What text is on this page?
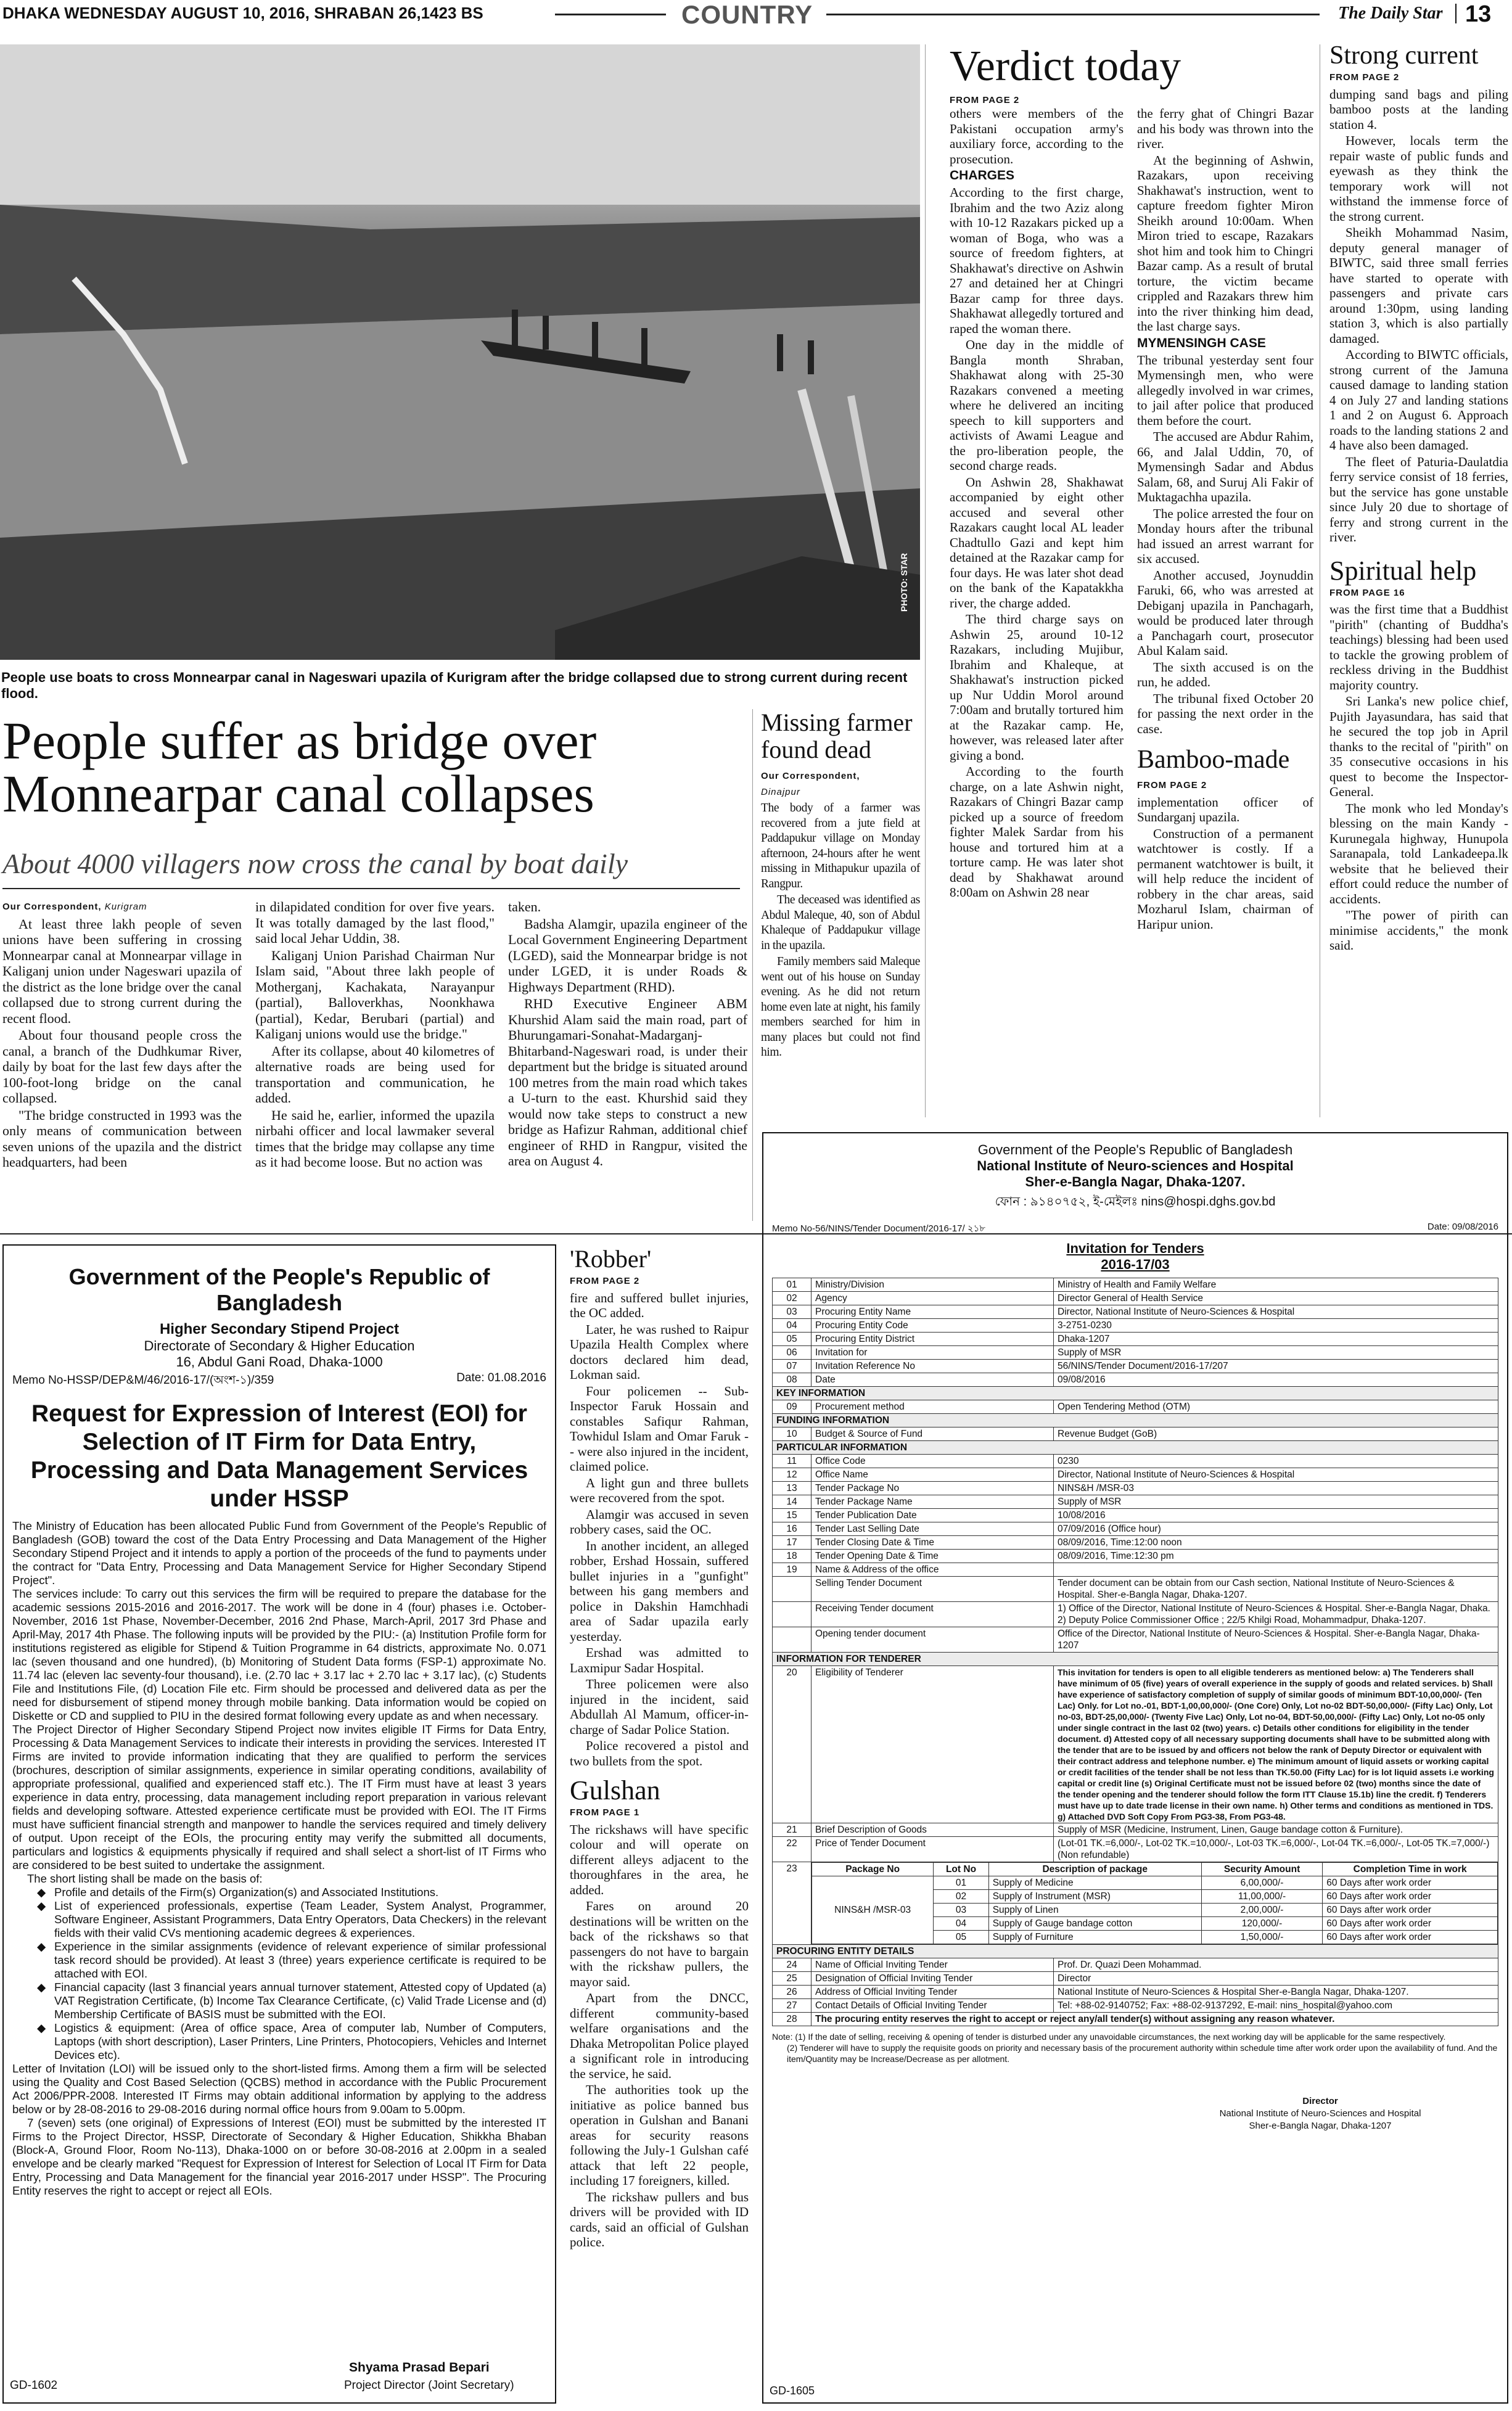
DHAKA WEDNESDAY AUGUST 10, 2016, SHRABAN 26,1423 BS	COUNTRY	The Daily Star 13
PHOTO: STAR
People use boats to cross Monnearpar canal in Nageswari upazila of Kurigram after the bridge collapsed due to strong current during recent flood.
People suffer as bridge over Monnearpar canal collapses
About 4000 villagers now cross the canal by boat daily
Our Correspondent, Kurigram

At least three lakh people of seven unions have been suffering in crossing Monnearpar canal at Monnearpar village in Kaliganj union under Nageswari upazila of the district as the lone bridge over the canal collapsed due to strong current during the recent flood.

About four thousand people cross the canal, a branch of the Dudhkumar River, daily by boat for the last few days after the 100-foot-long bridge on the canal collapsed.

"The bridge constructed in 1993 was the only means of communication between seven unions of the upazila and the district headquarters, had been

in dilapidated condition for over five years. It was totally damaged by the last flood," said local Jehar Uddin, 38.

Kaliganj Union Parishad Chairman Nur Islam said, "About three lakh people of Motherganj, Kachakata, Narayanpur (partial), Balloverkhas, Noonkhawa (partial), Kedar, Berubari (partial) and Kaliganj unions would use the bridge."

After its collapse, about 40 kilometres of alternative roads are being used for transportation and communication, he added.

He said he, earlier, informed the upazila nirbahi officer and local lawmaker several times that the bridge may collapse any time as it had become loose. But no action was

taken.

Badsha Alamgir, upazila engineer of the Local Government Engineering Department (LGED), said the Monnearpar bridge is not under LGED, it is under Roads & Highways Department (RHD).

RHD Executive Engineer ABM Khurshid Alam said the main road, part of Bhurungamari-Sonahat-Madarganj-Bhitarband-Nageswari road, is under their department but the bridge is situated around 100 metres from the main road which takes a U-turn to the east. Khurshid said they would now take steps to construct a new bridge as Hafizur Rahman, additional chief engineer of RHD in Rangpur, visited the area on August 4.

Missing farmer found dead
Our Correspondent,
Dinajpur

The body of a farmer was recovered from a jute field at Paddapukur village on Monday afternoon, 24-hours after he went missing in Mithapukur upazila of Rangpur.

The deceased was identified as Abdul Maleque, 40, son of Abdul Khaleque of Paddapukur village in the upazila.

Family members said Maleque went out of his house on Sunday evening. As he did not return home even late at night, his family members searched for him in many places but could not find him.

Verdict today
FROM PAGE 2

others were members of the Pakistani occupation army's auxiliary force, according to the prosecution.

CHARGES

According to the first charge, Ibrahim and the two Aziz along with 10-12 Razakars picked up a woman of Boga, who was a source of freedom fighters, at Shakhawat's directive on Ashwin 27 and detained her at Chingri Bazar camp for three days. Shakhawat allegedly tortured and raped the woman there.

One day in the middle of Bangla month Shraban, Shakhawat along with 25-30 Razakars convened a meeting where he delivered an inciting speech to kill supporters and activists of Awami League and the pro-liberation people, the second charge reads.

On Ashwin 28, Shakhawat accompanied by eight other accused and several other Razakars caught local AL leader Chadtullo Gazi and kept him detained at the Razakar camp for four days. He was later shot dead on the bank of the Kapatakkha river, the charge added.

The third charge says on Ashwin 25, around 10-12 Razakars, including Mujibur, Ibrahim and Khaleque, at Shakhawat's instruction picked up Nur Uddin Morol around 7:00am and brutally tortured him at the Razakar camp. He, however, was released later after giving a bond.

According to the fourth charge, on a late Ashwin night, Razakars of Chingri Bazar camp picked up a source of freedom fighter Malek Sardar from his house and tortured him at a torture camp. He was later shot dead by Shakhawat around 8:00am on Ashwin 28 near

the ferry ghat of Chingri Bazar and his body was thrown into the river.

At the beginning of Ashwin, Razakars, upon receiving Shakhawat's instruction, went to capture freedom fighter Miron Sheikh around 10:00am. When Miron tried to escape, Razakars shot him and took him to Chingri Bazar camp. As a result of brutal torture, the victim became crippled and Razakars threw him into the river thinking him dead, the last charge says.

MYMENSINGH CASE

The tribunal yesterday sent four Mymensingh men, who were allegedly involved in war crimes, to jail after police that produced them before the court.

The accused are Abdur Rahim, 66, and Jalal Uddin, 70, of Mymensingh Sadar and Abdus Salam, 68, and Suruj Ali Fakir of Muktagachha upazila.

The police arrested the four on Monday hours after the tribunal had issued an arrest warrant for six accused.

Another accused, Joynuddin Faruki, 66, who was arrested at Debiganj upazila in Panchagarh, would be produced later through a Panchagarh court, prosecutor Abul Kalam said.

The sixth accused is on the run, he added.

The tribunal fixed October 20 for passing the next order in the case.

Bamboo-made
FROM PAGE 2

implementation officer of Sundarganj upazila.

Construction of a permanent watchtower is costly. If a permanent watchtower is built, it will help reduce the incident of robbery in the char areas, said Mozharul Islam, chairman of Haripur union.

Strong current
FROM PAGE 2

dumping sand bags and piling bamboo posts at the landing station 4.

However, locals term the repair waste of public funds and eyewash as they think the temporary work will not withstand the immense force of the strong current.

Sheikh Mohammad Nasim, deputy general manager of BIWTC, said three small ferries have started to operate with passengers and private cars around 1:30pm, using landing station 3, which is also partially damaged.

According to BIWTC officials, strong current of the Jamuna caused damage to landing station 4 on July 27 and landing stations 1 and 2 on August 6. Approach roads to the landing stations 2 and 4 have also been damaged.

The fleet of Paturia-Daulatdia ferry service consist of 18 ferries, but the service has gone unstable since July 20 due to shortage of ferry and strong current in the river.

Spiritual help
FROM PAGE 16

was the first time that a Buddhist "pirith" (chanting of Buddha's teachings) blessing had been used to tackle the growing problem of reckless driving in the Buddhist majority country.

Sri Lanka's new police chief, Pujith Jayasundara, has said that he secured the top job in April thanks to the recital of "pirith" on 35 consecutive occasions in his quest to become the Inspector-General.

The monk who led Monday's blessing on the main Kandy - Kurunegala highway, Hunupola Saranapala, told Lankadeepa.lk website that he believed their effort could reduce the number of accidents.

"The power of pirith can minimise accidents," the monk said.

Government of the People's Republic of Bangladesh
Higher Secondary Stipend Project
Directorate of Secondary & Higher Education
16, Abdul Gani Road, Dhaka-1000
Memo No-HSSP/DEP&M/46/2016-17/(অংশ-১)/359	Date: 01.08.2016
Request for Expression of Interest (EOI) for Selection of IT Firm for Data Entry, Processing and Data Management Services under HSSP
The Ministry of Education has been allocated Public Fund from Government of the People's Republic of Bangladesh (GOB) toward the cost of the Data Entry Processing and Data Management of the Higher Secondary Stipend Project and it intends to apply a portion of the proceeds of the fund to payments under the contract for "Data Entry, Processing and Data Management Service for Higher Secondary Stipend Project".
The services include: To carry out this services the firm will be required to prepare the database for the academic sessions 2015-2016 and 2016-2017. The work will be done in 4 (four) phases i.e. October-November, 2016 1st Phase, November-December, 2016 2nd Phase, March-April, 2017 3rd Phase and April-May, 2017 4th Phase. The following inputs will be provided by the PIU:- (a) Institution Profile form for institutions registered as eligible for Stipend & Tuition Programme in 64 districts, approximate No. 0.071 lac (seven thousand and one hundred), (b) Monitoring of Student Data forms (FSP-1) approximate No. 11.74 lac (eleven lac seventy-four thousand), i.e. (2.70 lac + 3.17 lac + 2.70 lac + 3.17 lac), (c) Students File and Institutions File, (d) Location File etc. Firm should be processed and delivered data as per the need for disbursement of stipend money through mobile banking. Data information would be copied on Diskette or CD and supplied to PIU in the desired format following every update as and when necessary.
The Project Director of Higher Secondary Stipend Project now invites eligible IT Firms for Data Entry, Processing & Data Management Services to indicate their interests in providing the services. Interested IT Firms are invited to provide information indicating that they are qualified to perform the services (brochures, description of similar assignments, experience in similar operating conditions, availability of appropriate professional, qualified and experienced staff etc.). The IT Firm must have at least 3 years experience in data entry, processing, data management including report preparation in various relevant fields and developing software. Attested experience certificate must be provided with EOI. The IT Firms must have sufficient financial strength and manpower to handle the services required and timely delivery of output. Upon receipt of the EOIs, the procuring entity may verify the submitted all documents, particulars and logistics & equipments physically if required and shall select a short-list of IT Firms who are considered to be best suited to undertake the assignment.
The short listing shall be made on the basis of:
◆ Profile and details of the Firm(s) Organization(s) and Associated Institutions.
◆ List of experienced professionals, expertise (Team Leader, System Analyst, Programmer, Software Engineer, Assistant Programmers, Data Entry Operators, Data Checkers) in the relevant fields with their valid CVs mentioning academic degrees & experiences.
◆ Experience in the similar assignments (evidence of relevant experience of similar professional task record should be provided). At least 3 (three) years experience certificate is required to be attached with EOI.
◆ Financial capacity (last 3 financial years annual turnover statement, Attested copy of Updated (a) VAT Registration Certificate, (b) Income Tax Clearance Certificate, (c) Valid Trade License and (d) Membership Certificate of BASIS must be submitted with the EOI.
◆ Logistics & equipment: (Area of office space, Area of computer lab, Number of Computers, Laptops (with short description), Laser Printers, Line Printers, Photocopiers, Vehicles and Internet Devices etc).
Letter of Invitation (LOI) will be issued only to the short-listed firms. Among them a firm will be selected using the Quality and Cost Based Selection (QCBS) method in accordance with the Public Procurement Act 2006/PPR-2008. Interested IT Firms may obtain additional information by applying to the address below or by 28-08-2016 to 29-08-2016 during normal office hours from 9.00am to 5.00pm.
7 (seven) sets (one original) of Expressions of Interest (EOI) must be submitted by the interested IT Firms to the Project Director, HSSP, Directorate of Secondary & Higher Education, Shikkha Bhaban (Block-A, Ground Floor, Room No-113), Dhaka-1000 on or before 30-08-2016 at 2.00pm in a sealed envelope and be clearly marked "Request for Expression of Interest for Selection of Local IT Firm for Data Entry, Processing and Data Management for the financial year 2016-2017 under HSSP". The Procuring Entity reserves the right to accept or reject all EOIs.
Shyama Prasad Bepari
GD-1602	Project Director (Joint Secretary)
'Robber'
FROM PAGE 2

fire and suffered bullet injuries, the OC added.

Later, he was rushed to Raipur Upazila Health Complex where doctors declared him dead, Lokman said.

Four policemen -- Sub-Inspector Faruk Hossain and constables Safiqur Rahman, Towhidul Islam and Omar Faruk -- were also injured in the incident, claimed police.

A light gun and three bullets were recovered from the spot.

Alamgir was accused in seven robbery cases, said the OC.

In another incident, an alleged robber, Ershad Hossain, suffered bullet injuries in a "gunfight" between his gang members and police in Dakshin Hamchhadi area of Sadar upazila early yesterday.

Ershad was admitted to Laxmipur Sadar Hospital.

Three policemen were also injured in the incident, said Abdullah Al Mamum, officer-in-charge of Sadar Police Station.

Police recovered a pistol and two bullets from the spot.

Gulshan
FROM PAGE 1

The rickshaws will have specific colour and will operate on different alleys adjacent to the thoroughfares in the area, he added.

Fares on around 20 destinations will be written on the back of the rickshaws so that passengers do not have to bargain with the rickshaw pullers, the mayor said.

Apart from the DNCC, different community-based welfare organisations and the Dhaka Metropolitan Police played a significant role in introducing the service, he said.

The authorities took up the initiative as police banned bus operation in Gulshan and Banani areas for security reasons following the July-1 Gulshan café attack that left 22 people, including 17 foreigners, killed.

The rickshaw pullers and bus drivers will be provided with ID cards, said an official of Gulshan police.

Government of the People's Republic of Bangladesh
National Institute of Neuro-sciences and Hospital
Sher-e-Bangla Nagar, Dhaka-1207.
ফোন : ৯১৪০৭৫২, ই-মেইলঃ nins@hospi.dghs.gov.bd
Memo No-56/NINS/Tender Document/2016-17/ ২১৮	Date: 09/08/2016
Invitation for Tenders
2016-17/03
01	Ministry/Division	Ministry of Health and Family Welfare
02	Agency	Director General of Health Service
03	Procuring Entity Name	Director, National Institute of Neuro-Sciences & Hospital
04	Procuring Entity Code	3-2751-0230
05	Procuring Entity District	Dhaka-1207
06	Invitation for	Supply of MSR
07	Invitation Reference No	56/NINS/Tender Document/2016-17/207
08	Date	09/08/2016
KEY INFORMATION
09	Procurement method	Open Tendering Method (OTM)
FUNDING INFORMATION
10	Budget & Source of Fund	Revenue Budget (GoB)
PARTICULAR INFORMATION
11	Office Code	0230
12	Office Name	Director, National Institute of Neuro-Sciences & Hospital
13	Tender Package No	NINS&H /MSR-03
14	Tender Package Name	Supply of MSR
15	Tender Publication Date	10/08/2016
16	Tender Last Selling Date	07/09/2016 (Office hour)
17	Tender Closing Date & Time	08/09/2016, Time:12:00 noon
18	Tender Opening Date & Time	08/09/2016, Time:12:30 pm
19	Name & Address of the office	
	Selling Tender Document	Tender document can be obtain from our Cash section, National Institute of Neuro-Sciences & Hospital. Sher-e-Bangla Nagar, Dhaka-1207.
	Receiving Tender document	1) Office of the Director, National Institute of Neuro-Sciences & Hospital. Sher-e-Bangla Nagar, Dhaka. 2) Deputy Police Commissioner Office ; 22/5 Khilgi Road, Mohammadpur, Dhaka-1207.
	Opening tender document	Office of the Director, National Institute of Neuro-Sciences & Hospital. Sher-e-Bangla Nagar, Dhaka-1207
INFORMATION FOR TENDERER
20	Eligibility of Tenderer	This invitation for tenders is open to all eligible tenderers as mentioned below: a) The Tenderers shall have minimum of 05 (five) years of overall experience in the supply of goods and related services. b) Shall have experience of satisfactory completion of supply of similar goods of minimum BDT-10,00,000/- (Ten Lac) Only. for Lot no.-01, BDT-1,00,00,000/- (One Core) Only, Lot no-02 BDT-50,00,000/- (Fifty Lac) Only, Lot no-03, BDT-25,00,000/- (Twenty Five Lac) Only, Lot no-04, BDT-50,00,000/- (Fifty Lac) Only, Lot no-05 only under single contract in the last 02 (two) years. c) Details other conditions for eligibility in the tender document. d) Attested copy of all necessary supporting documents shall have to be submitted along with the tender that are to be issued by and officers not below the rank of Deputy Director or equivalent with their contract address and telephone number. e) The minimum amount of liquid assets or working capital or credit facilities of the tender shall be not less than TK.50.00 (Fifty Lac) for is lot liquid assets i.e working capital or credit line (s) Original Certificate must not be issued before 02 (two) months since the date of the tender opening and the tenderer should follow the form ITT Clause 15.1b) line the credit. f) Tenderers must have up to date trade license in their own name. h) Other terms and conditions as mentioned in TDS. g) Attached DVD Soft Copy From PG3-38, From PG3-48.
21	Brief Description of Goods	Supply of MSR (Medicine, Instrument, Linen, Gauge bandage cotton & Furniture).
22	Price of Tender Document	(Lot-01 TK.=6,000/-, Lot-02 TK.=10,000/-, Lot-03 TK.=6,000/-, Lot-04 TK.=6,000/-, Lot-05 TK.=7,000/-) (Non refundable)
23		Package No	Lot No	Description of package	Security Amount	Completion Time in work
NINS&H /MSR-03	01	Supply of Medicine	6,00,000/-	60 Days after work order
02	Supply of Instrument (MSR)	11,00,000/-	60 Days after work order
03	Supply of Linen	2,00,000/-	60 Days after work order
04	Supply of Gauge bandage cotton	120,000/-	60 Days after work order
05	Supply of Furniture	1,50,000/-	60 Days after work order

PROCURING ENTITY DETAILS
24	Name of Official Inviting Tender	Prof. Dr. Quazi Deen Mohammad.
25	Designation of Official Inviting Tender	Director
26	Address of Official Inviting Tender	National Institute of Neuro-Sciences & Hospital Sher-e-Bangla Nagar, Dhaka-1207.
27	Contact Details of Official Inviting Tender	Tel: +88-02-9140752; Fax: +88-02-9137292, E-mail: nins_hospital@yahoo.com
28	The procuring entity reserves the right to accept or reject any/all tender(s) without assigning any reason whatever.
Note: (1) If the date of selling, receiving & opening of tender is disturbed under any unavoidable circumstances, the next working day will be applicable for the same respectively.
(2) Tenderer will have to supply the requisite goods on priority and necessary basis of the procurement authority within schedule time after work order upon the availability of fund. And the item/Quantity may be Increase/Decrease as per allotment.
Director
National Institute of Neuro-Sciences and Hospital
Sher-e-Bangla Nagar, Dhaka-1207
GD-1605
